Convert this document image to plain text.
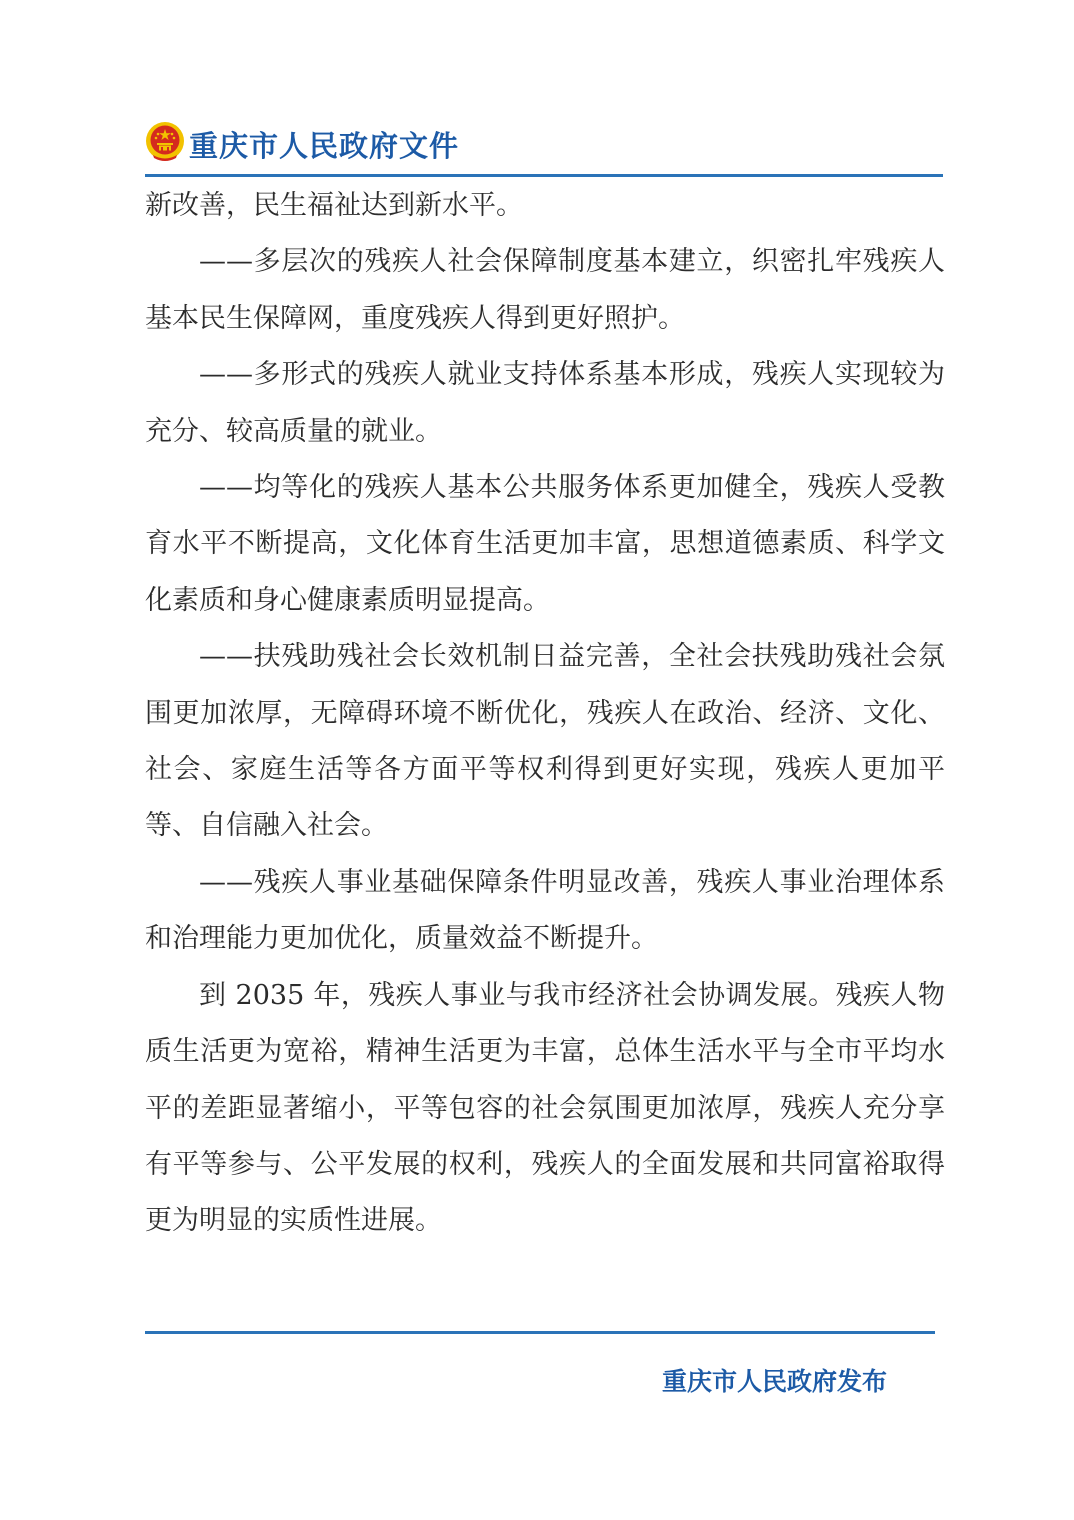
重庆市人民政府文件

新改善，民生福祉达到新水平。

——多层次的残疾人社会保障制度基本建立，织密扎牢残疾人基本民生保障网，重度残疾人得到更好照护。

——多形式的残疾人就业支持体系基本形成，残疾人实现较为充分、较高质量的就业。

——均等化的残疾人基本公共服务体系更加健全，残疾人受教育水平不断提高，文化体育生活更加丰富，思想道德素质、科学文化素质和身心健康素质明显提高。

——扶残助残社会长效机制日益完善，全社会扶残助残社会氛围更加浓厚，无障碍环境不断优化，残疾人在政治、经济、文化、社会、家庭生活等各方面平等权利得到更好实现，残疾人更加平等、自信融入社会。

——残疾人事业基础保障条件明显改善，残疾人事业治理体系和治理能力更加优化，质量效益不断提升。

到 2035 年，残疾人事业与我市经济社会协调发展。残疾人物质生活更为宽裕，精神生活更为丰富，总体生活水平与全市平均水平的差距显著缩小，平等包容的社会氛围更加浓厚，残疾人充分享有平等参与、公平发展的权利，残疾人的全面发展和共同富裕取得更为明显的实质性进展。

重庆市人民政府发布
